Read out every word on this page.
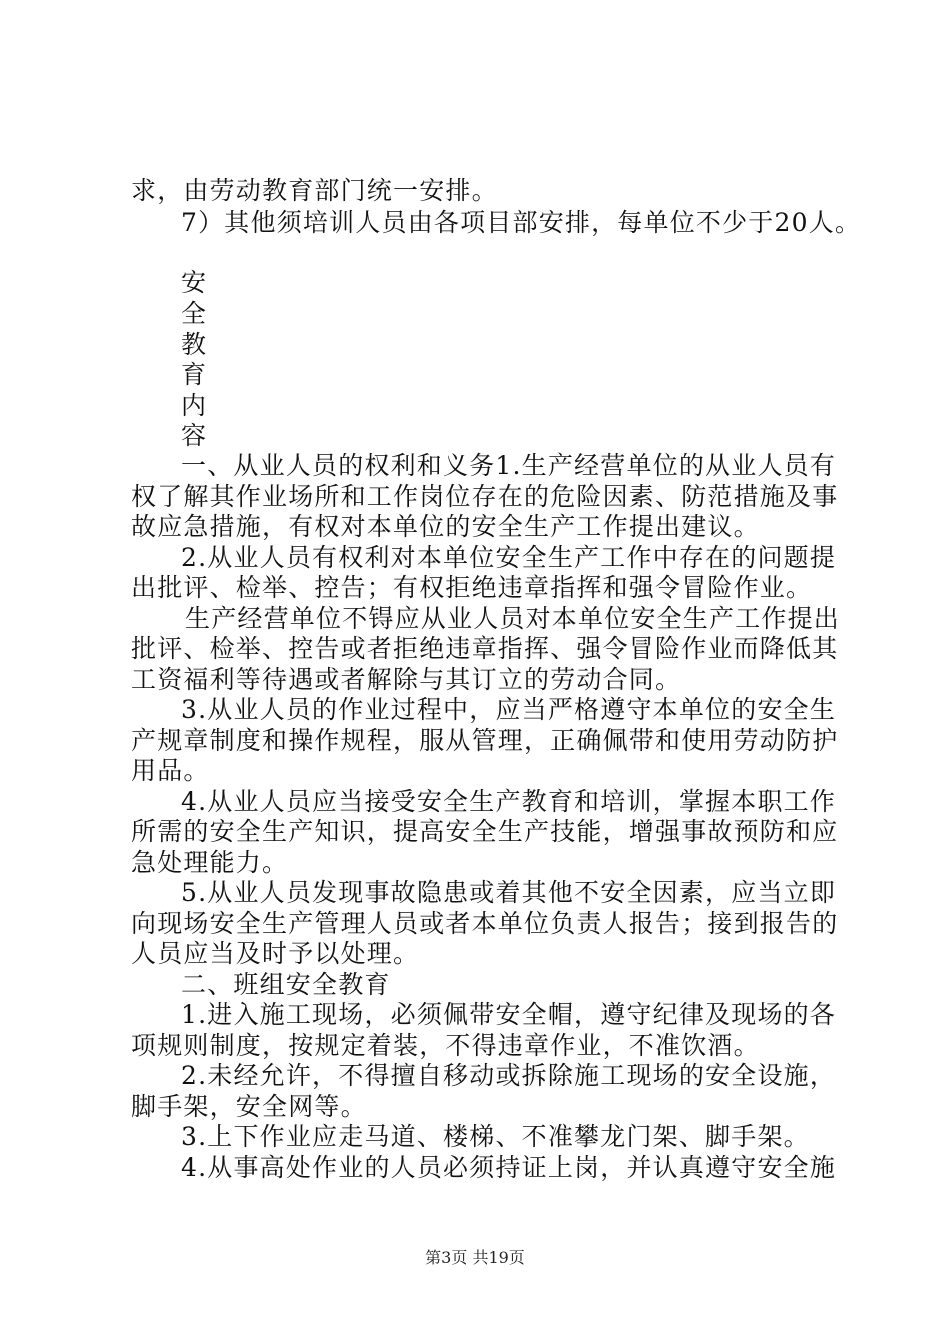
求，由劳动教育部门统一安排。
7）其他须培训人员由各项目部安排，每单位不少于20人。
安
全
教
育
内
容
一、从业人员的权利和义务1.生产经营单位的从业人员有
权了解其作业场所和工作岗位存在的危险因素、防范措施及事
故应急措施，有权对本单位的安全生产工作提出建议。
2.从业人员有权利对本单位安全生产工作中存在的问题提
出批评、检举、控告；有权拒绝违章指挥和强令冒险作业。
生产经营单位不锝应从业人员对本单位安全生产工作提出
批评、检举、控告或者拒绝违章指挥、强令冒险作业而降低其
工资福利等待遇或者解除与其订立的劳动合同。
3.从业人员的作业过程中，应当严格遵守本单位的安全生
产规章制度和操作规程，服从管理，正确佩带和使用劳动防护
用品。
4.从业人员应当接受安全生产教育和培训，掌握本职工作
所需的安全生产知识，提高安全生产技能，增强事故预防和应
急处理能力。
5.从业人员发现事故隐患或着其他不安全因素，应当立即
向现场安全生产管理人员或者本单位负责人报告；接到报告的
人员应当及时予以处理。
二、班组安全教育
1.进入施工现场，必须佩带安全帽，遵守纪律及现场的各
项规则制度，按规定着装，不得违章作业，不准饮酒。
2.未经允许，不得擅自移动或拆除施工现场的安全设施，
脚手架，安全网等。
3.上下作业应走马道、楼梯、不准攀龙门架、脚手架。
4.从事高处作业的人员必须持证上岗，并认真遵守安全施
第3页 共19页
